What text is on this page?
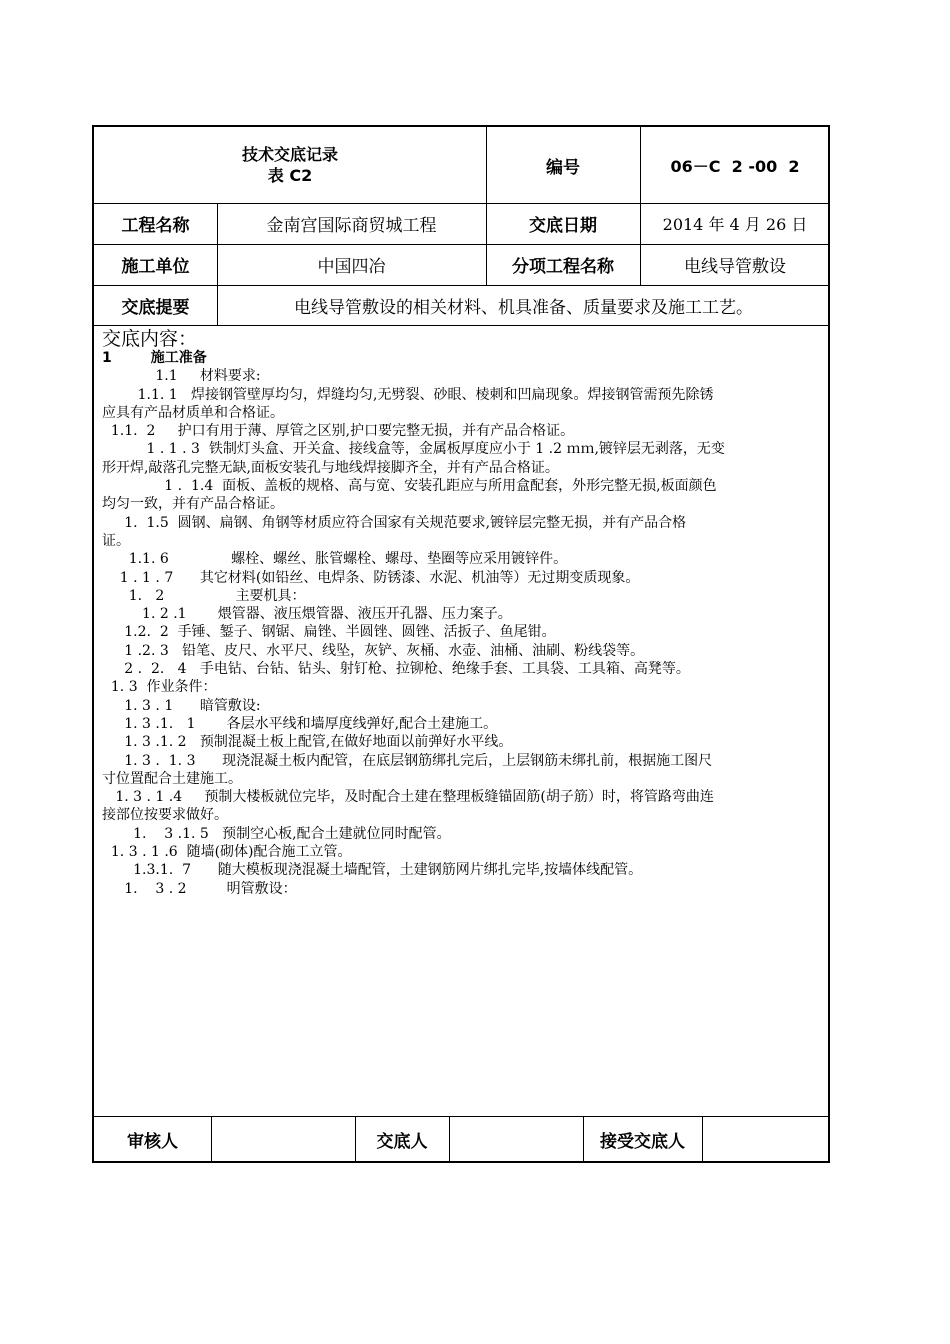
技术交底记录
表 C2	编号	06－C  2 -00  2
工程名称	金南宫国际商贸城工程	交底日期	2014 年 4 月 26 日
施工单位	中国四冶	分项工程名称	电线导管敷设
交底提要	电线导管敷设的相关材料、机具准备、质量要求及施工工艺。
交底内容：
1        施工准备
1.1     材料要求:
1.1. 1   焊接钢管壁厚均匀，焊缝均匀,无劈裂、砂眼、棱刺和凹扁现象。焊接钢管需预先除锈
应具有产品材质单和合格证。
1.1.  2     护口有用于薄、厚管之区别,护口要完整无损，并有产品合格证。
1 . 1 . 3  铁制灯头盒、开关盒、接线盒等，金属板厚度应小于 1 .2 ｍｍ,镀锌层无剥落，无变
形开焊,敲落孔完整无缺,面板安装孔与地线焊接脚齐全，并有产品合格证。
1 .  1.4  面板、盖板的规格、高与宽、安装孔距应与所用盒配套，外形完整无损,板面颜色
均匀一致，并有产品合格证。
1.  1.5  圆钢、扁钢、角钢等材质应符合国家有关规范要求,镀锌层完整无损，并有产品合格
证。
1.1. 6              螺栓、螺丝、胀管螺栓、螺母、垫圈等应采用镀锌件。
1 . 1 . 7      其它材料(如铅丝、电焊条、防锈漆、水泥、机油等）无过期变质现象。
1.   2                主要机具：
1. 2 .1       煨管器、液压煨管器、液压开孔器、压力案子。
1.2.  2  手锤、錾子、钢锯、扁锉、半圆锉、圆锉、活扳子、鱼尾钳。
1 .2. 3   铅笔、皮尺、水平尺、线坠，灰铲、灰桶、水壶、油桶、油刷、粉线袋等。
2 .  2.   4   手电钻、台钻、钻头、射钉枪、拉铆枪、绝缘手套、工具袋、工具箱、高凳等。
1. 3  作业条件：
1. 3 . 1      暗管敷设:
1. 3 .1.   1       各层水平线和墙厚度线弹好,配合土建施工。
1. 3 .1. 2   预制混凝土板上配管,在做好地面以前弹好水平线。
1. 3 .  1. 3      现浇混凝土板内配管，在底层钢筋绑扎完后，上层钢筋未绑扎前，根据施工图尺
寸位置配合土建施工。
1. 3 . 1 .4     预制大楼板就位完毕，及时配合土建在整理板缝锚固筋(胡子筋）时，将管路弯曲连
接部位按要求做好。
1.    3 .1. 5   预制空心板,配合土建就位同时配管。
1. 3 . 1 .6  随墙(砌体)配合施工立管。
1.3.1.  7      随大模板现浇混凝土墙配管，土建钢筋网片绑扎完毕,按墙体线配管。
1.    3 . 2         明管敷设：
审核人	交底人	接受交底人
